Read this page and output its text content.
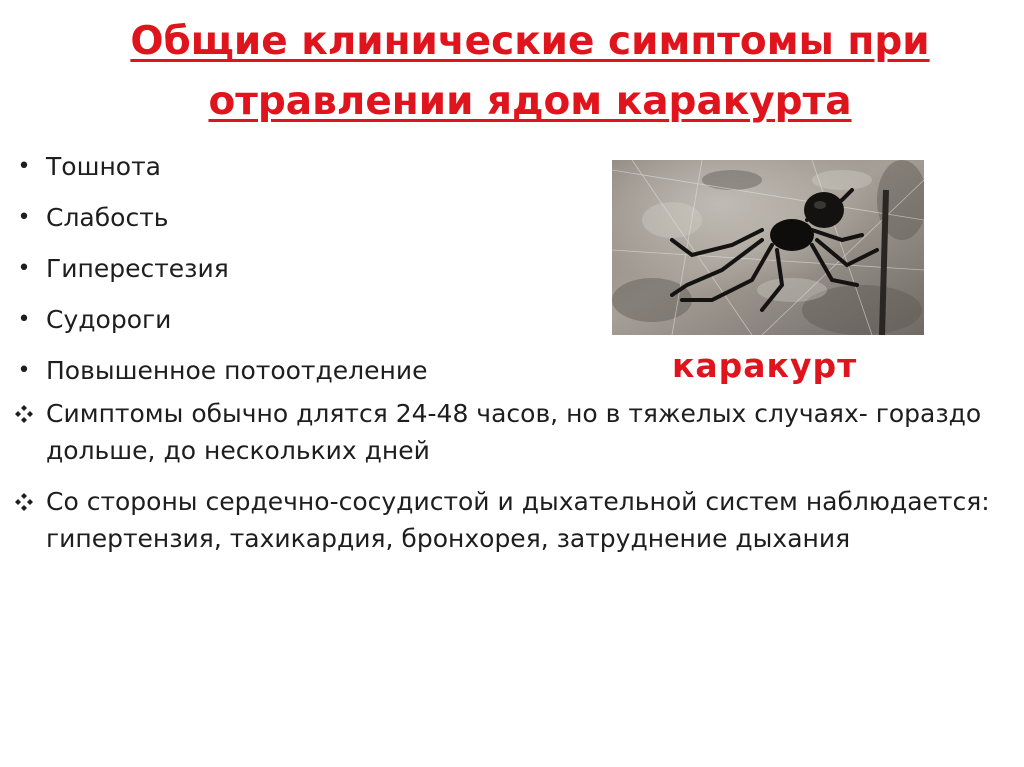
Общие клинические симптомы при
отравлении ядом каракурта
• Тошнота
• Слабость
• Гиперестезия
• Судороги
• Повышенное потоотделение
Симптомы обычно длятся 24-48 часов, но в тяжелых случаях- гораздо дольше, до нескольких дней
Со стороны сердечно-сосудистой и дыхательной систем наблюдается: гипертензия, тахикардия, бронхорея, затруднение дыхания
каракурт
